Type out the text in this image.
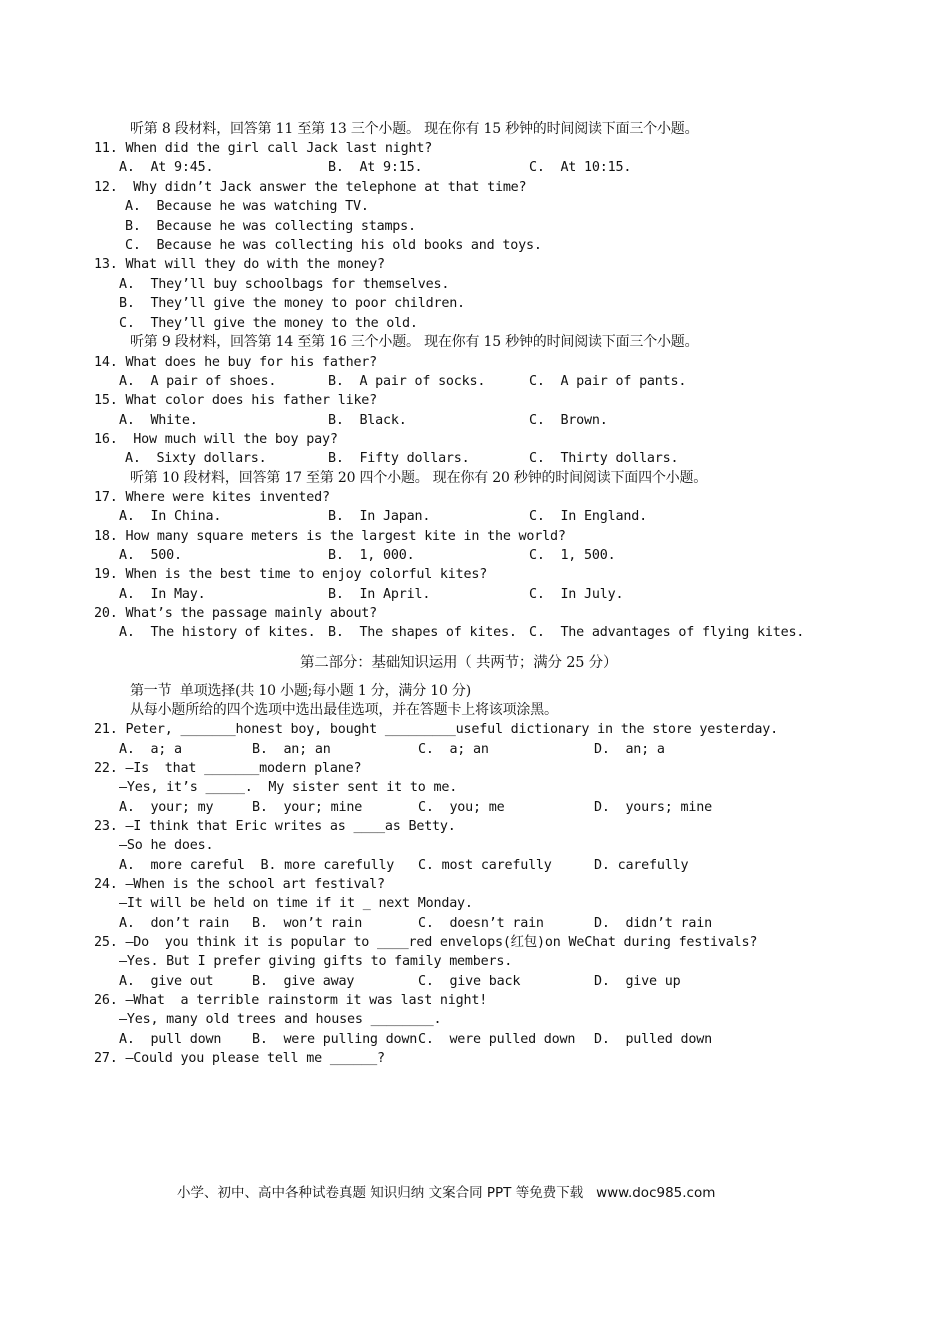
听第 8 段材料，回答第 11 至第 13 三个小题。 现在你有 15 秒钟的时间阅读下面三个小题。
11. When did the girl call Jack last night?
A.  At 9:45.	B.  At 9:15.	C.  At 10:15.
12.  Why didn’t Jack answer the telephone at that time?
A.  Because he was watching TV.
B.  Because he was collecting stamps.
C.  Because he was collecting his old books and toys.
13. What will they do with the money?
A.  They’ll buy schoolbags for themselves.
B.  They’ll give the money to poor children.
C.  They’ll give the money to the old.
听第 9 段材料，回答第 14 至第 16 三个小题。 现在你有 15 秒钟的时间阅读下面三个小题。
14. What does he buy for his father?
A.  A pair of shoes.	B.  A pair of socks.	C.  A pair of pants.
15. What color does his father like?
A.  White.	B.  Black.	C.  Brown.
16.  How much will the boy pay?
A.  Sixty dollars.	B.  Fifty dollars.	C.  Thirty dollars.
听第 10 段材料，回答第 17 至第 20 四个小题。 现在你有 20 秒钟的时间阅读下面四个小题。
17. Where were kites invented?
A.  In China.	B.  In Japan.	C.  In England.
18. How many square meters is the largest kite in the world?
A.  500.	B.  1, 000.	C.  1, 500.
19. When is the best time to enjoy colorful kites?
A.  In May.	B.  In April.	C.  In July.
20. What’s the passage mainly about?
A.  The history of kites. B.  The shapes of kites. C.  The advantages of flying kites.
第二部分：基础知识运用（ 共两节；满分 25 分）
第一节  单项选择(共 10 小题;每小题 1 分，满分 10 分)
从每小题所给的四个选项中选出最佳选项，并在答题卡上将该项涂黑。
21. Peter, _______honest boy, bought _________useful dictionary in the store yesterday.
A.  a; a	B.  an; an	C.  a; an	D.  an; a
22. —Is  that _______modern plane?
—Yes, it’s _____.  My sister sent it to me.
A.  your; my	B.  your; mine	C.  you; me	D.  yours; mine
23. —I think that Eric writes as ____as Betty.
—So he does.
A.  more careful  B. more carefully C. most carefully	D. carefully
24. —When is the school art festival?
—It will be held on time if it _ next Monday.
A.  don’t rain B.  won’t rain	C.  doesn’t rain	D.  didn’t rain
25. —Do  you think it is popular to ____red envelops(红包)on WeChat during festivals?
—Yes. But I prefer giving gifts to family members.
A.  give out	B.  give away	C.  give back	D.  give up
26. —What  a terrible rainstorm it was last night!
—Yes, many old trees and houses ________.
A.  pull down B.  were pulling down C.  were pulled down D.  pulled down
27. —Could you please tell me ______?
小学、初中、高中各种试卷真题 知识归纳 文案合同 PPT 等免费下载   www.doc985.com
